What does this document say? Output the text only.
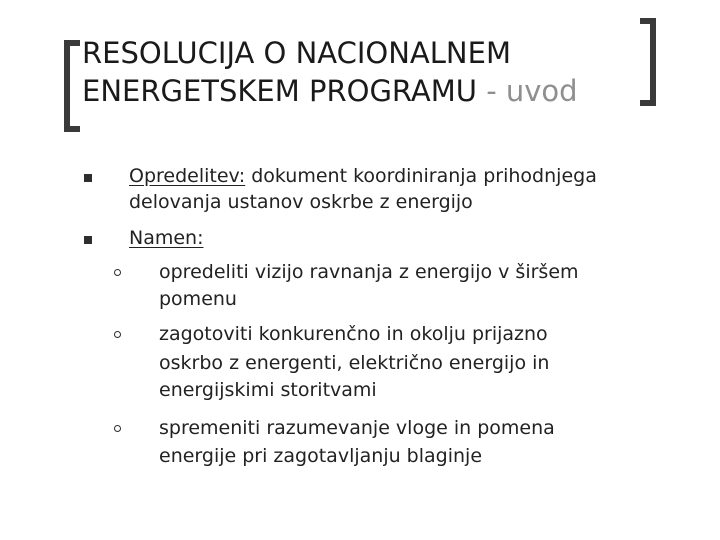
RESOLUCIJA O NACIONALNEM
ENERGETSKEM PROGRAMU - uvod
Opredelitev: dokument koordiniranja prihodnjega
delovanja ustanov oskrbe z energijo
Namen:
opredeliti vizijo ravnanja z energijo v širšem
pomenu
zagotoviti konkurenčno in okolju prijazno
oskrbo z energenti, električno energijo in
energijskimi storitvami
spremeniti razumevanje vloge in pomena
energije pri zagotavljanju blaginje
